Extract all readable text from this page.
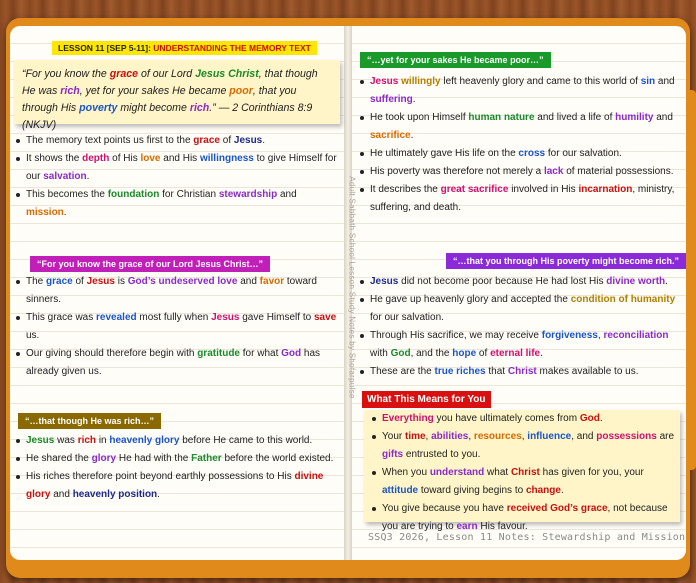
Adult Sabbath School Lesson Study Notes by Shofarpulse
LESSON 11 [SEP 5-11]: UNDERSTANDING THE MEMORY TEXT
“For you know the grace of our Lord Jesus Christ, that though He was rich, yet for your sakes He became poor, that you through His poverty might become rich.” — 2 Corinthians 8:9 (NKJV)
The memory text points us first to the grace of Jesus.
It shows the depth of His love and His willingness to give Himself for our salvation.
This becomes the foundation for Christian stewardship and mission.
“For you know the grace of our Lord Jesus Christ…”
The grace of Jesus is God’s undeserved love and favor toward sinners.
This grace was revealed most fully when Jesus gave Himself to save us.
Our giving should therefore begin with gratitude for what God has already given us.
“…that though He was rich…”
Jesus was rich in heavenly glory before He came to this world.
He shared the glory He had with the Father before the world existed.
His riches therefore point beyond earthly possessions to His divine glory and heavenly position.
“…yet for your sakes He became poor…”
Jesus willingly left heavenly glory and came to this world of sin and suffering.
He took upon Himself human nature and lived a life of humility and sacrifice.
He ultimately gave His life on the cross for our salvation.
His poverty was therefore not merely a lack of material possessions.
It describes the great sacrifice involved in His incarnation, ministry, suffering, and death.
“…that you through His poverty might become rich.”
Jesus did not become poor because He had lost His divine worth.
He gave up heavenly glory and accepted the condition of humanity for our salvation.
Through His sacrifice, we may receive forgiveness, reconciliation with God, and the hope of eternal life.
These are the true riches that Christ makes available to us.
What This Means for You
Everything you have ultimately comes from God.
Your time, abilities, resources, influence, and possessions are gifts entrusted to you.
When you understand what Christ has given for you, your attitude toward giving begins to change.
You give because you have received God’s grace, not because you are trying to earn His favour.
SSQ3 2026, Lesson 11 Notes: Stewardship and Mission
